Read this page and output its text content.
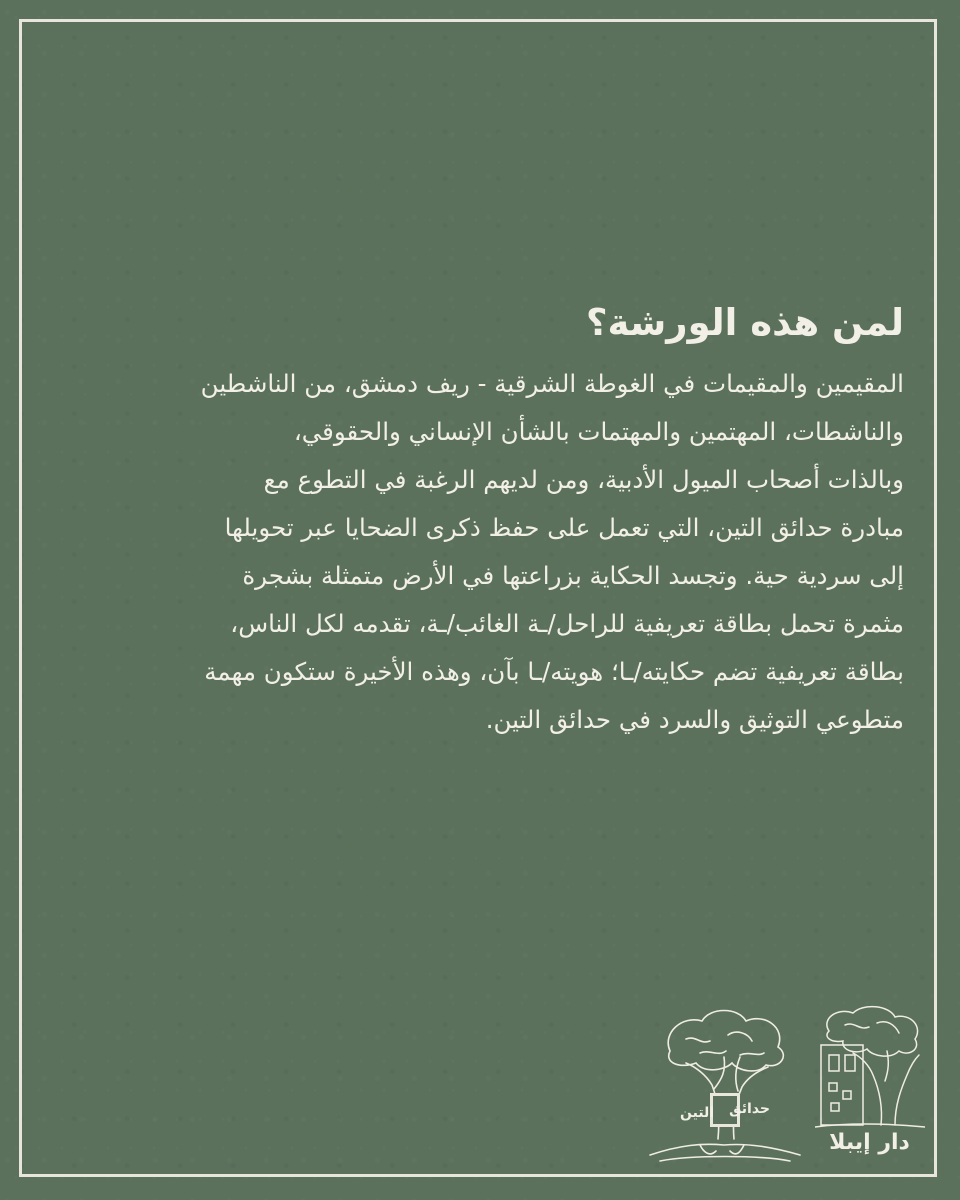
لمن هذه الورشة؟

المقيمين والمقيمات في الغوطة الشرقية - ريف دمشق، من الناشطين

والناشطات، المهتمين والمهتمات بالشأن الإنساني والحقوقي،

وبالذات أصحاب الميول الأدبية، ومن لديهم الرغبة في التطوع مع

مبادرة حدائق التين، التي تعمل على حفظ ذكرى الضحايا عبر تحويلها

إلى سردية حية. وتجسد الحكاية بزراعتها في الأرض متمثلة بشجرة

مثمرة تحمل بطاقة تعريفية للراحل/ـة الغائب/ـة، تقدمه لكل الناس،

بطاقة تعريفية تضم حكايته/ـا؛ هويته/ـا بآن، وهذه الأخيرة ستكون مهمة

متطوعي التوثيق والسرد في حدائق التين.

حدائق
التين
دار إيبلا
